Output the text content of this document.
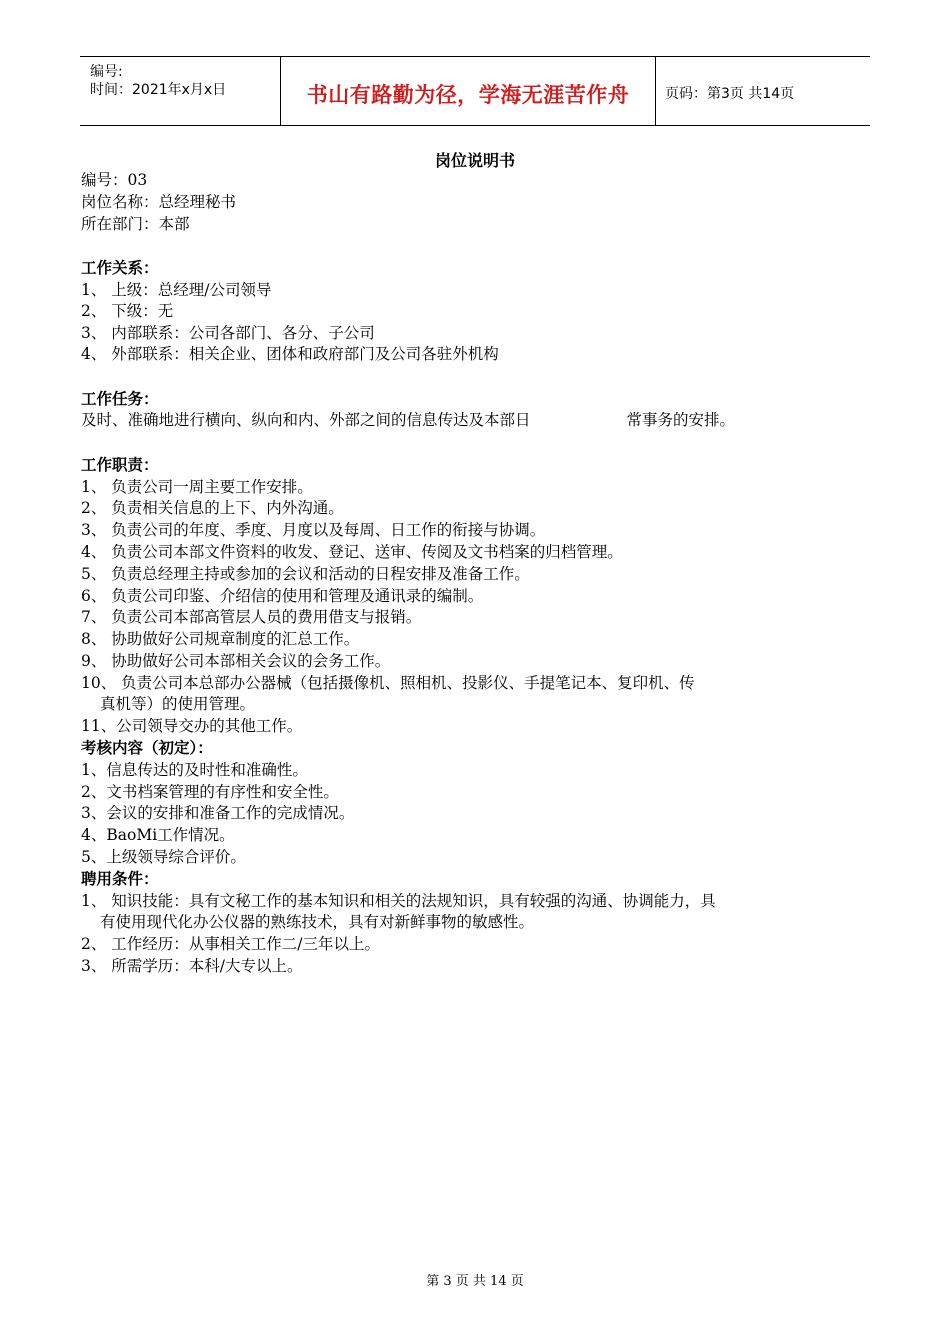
编号:
时间：2021年x月x日	书山有路勤为径，学海无涯苦作舟	页码：第3页 共14页
岗位说明书
编号：03
岗位名称：总经理秘书
所在部门：本部
工作关系：
1、 上级：总经理/公司领导
2、 下级：无
3、 内部联系：公司各部门、各分、子公司
4、 外部联系：相关企业、团体和政府部门及公司各驻外机构
工作任务：
及时、准确地进行横向、纵向和内、外部之间的信息传达及本部日	常事务的安排。
工作职责：
1、 负责公司一周主要工作安排。
2、 负责相关信息的上下、内外沟通。
3、 负责公司的年度、季度、月度以及每周、日工作的衔接与协调。
4、 负责公司本部文件资料的收发、登记、送审、传阅及文书档案的归档管理。
5、 负责总经理主持或参加的会议和活动的日程安排及准备工作。
6、 负责公司印鉴、介绍信的使用和管理及通讯录的编制。
7、 负责公司本部高管层人员的费用借支与报销。
8、 协助做好公司规章制度的汇总工作。
9、 协助做好公司本部相关会议的会务工作。
10、 负责公司本总部办公器械（包括摄像机、照相机、投影仪、手提笔记本、复印机、传
真机等）的使用管理。
11、公司领导交办的其他工作。
考核内容（初定）：
1、信息传达的及时性和准确性。
2、文书档案管理的有序性和安全性。
3、会议的安排和准备工作的完成情况。
4、BaoMi工作情况。
5、上级领导综合评价。
聘用条件：
1、 知识技能：具有文秘工作的基本知识和相关的法规知识，具有较强的沟通、协调能力，具
有使用现代化办公仪器的熟练技术，具有对新鲜事物的敏感性。
2、 工作经历：从事相关工作二/三年以上。
3、 所需学历：本科/大专以上。
第 3 页 共 14 页
